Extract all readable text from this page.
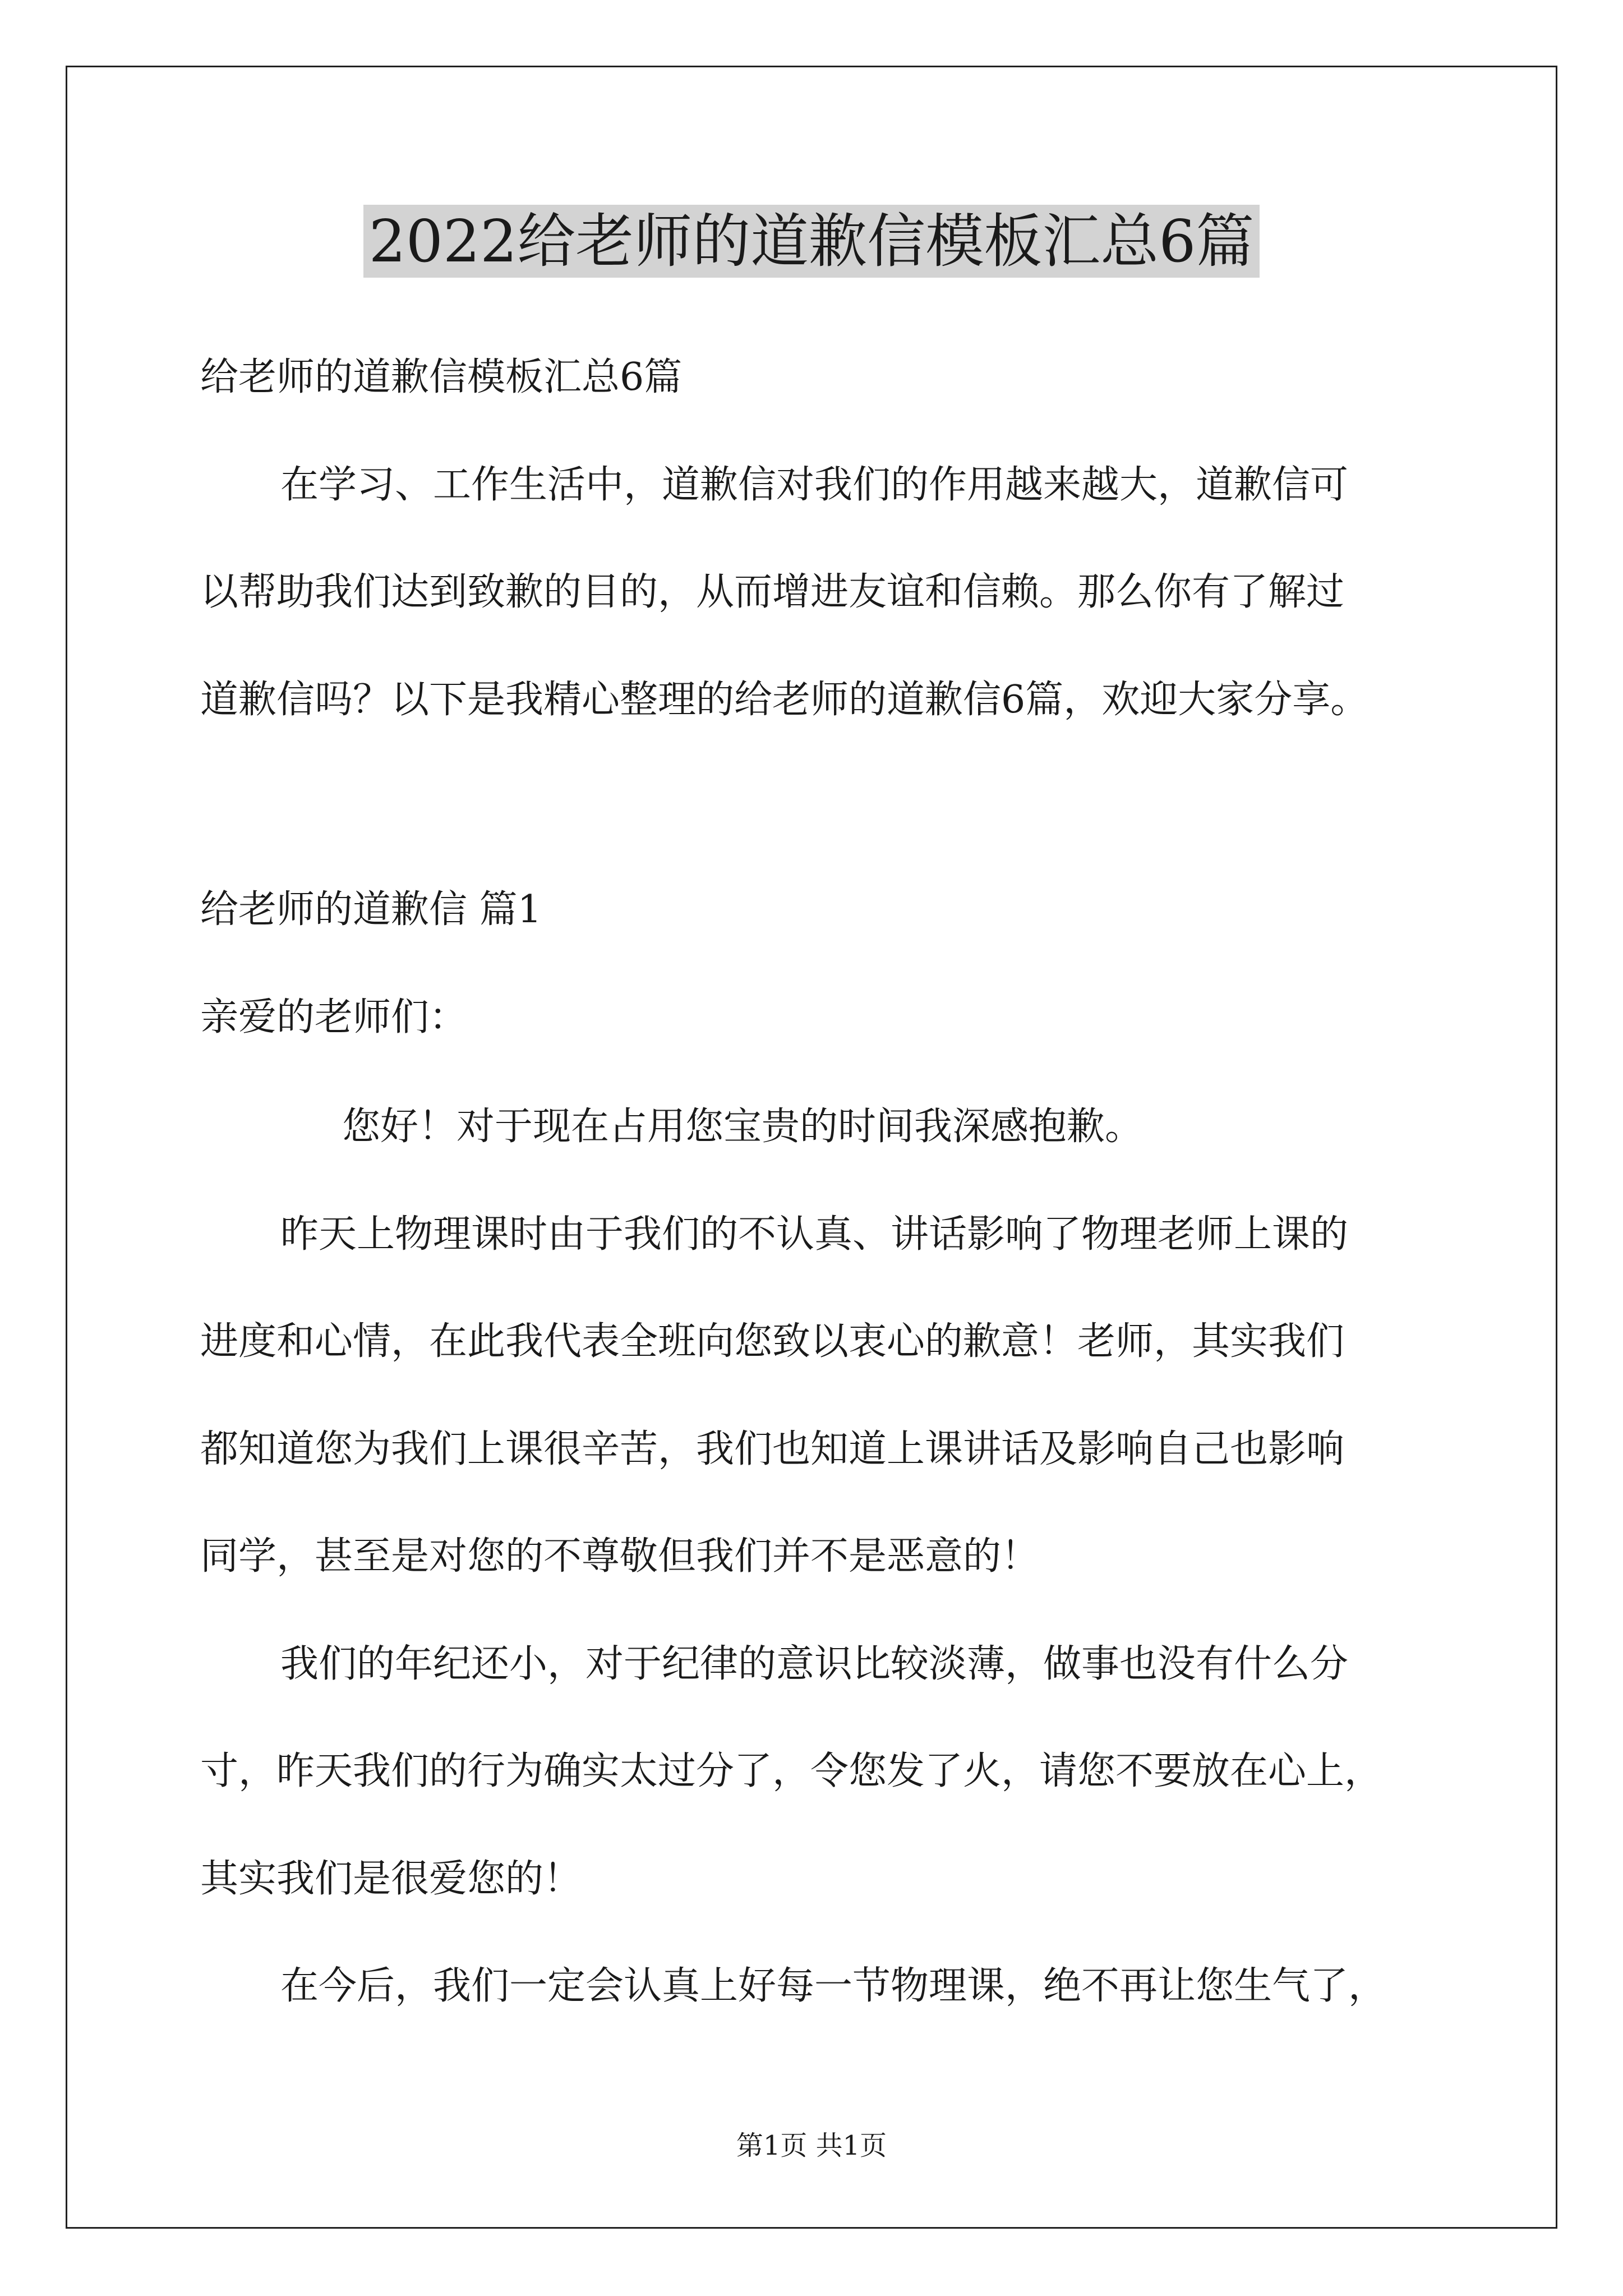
2022给老师的道歉信模板汇总6篇
给老师的道歉信模板汇总6篇
在学习、工作生活中，道歉信对我们的作用越来越大，道歉信可
以帮助我们达到致歉的目的，从而增进友谊和信赖。那么你有了解过
道歉信吗？以下是我精心整理的给老师的道歉信6篇，欢迎大家分享。
给老师的道歉信 篇1
亲爱的老师们：
您好！对于现在占用您宝贵的时间我深感抱歉。
昨天上物理课时由于我们的不认真、讲话影响了物理老师上课的
进度和心情，在此我代表全班向您致以衷心的歉意！老师，其实我们
都知道您为我们上课很辛苦，我们也知道上课讲话及影响自己也影响
同学，甚至是对您的不尊敬但我们并不是恶意的！
我们的年纪还小，对于纪律的意识比较淡薄，做事也没有什么分
寸，昨天我们的行为确实太过分了，令您发了火，请您不要放在心上，
其实我们是很爱您的！
在今后，我们一定会认真上好每一节物理课，绝不再让您生气了，
第1页 共1页
